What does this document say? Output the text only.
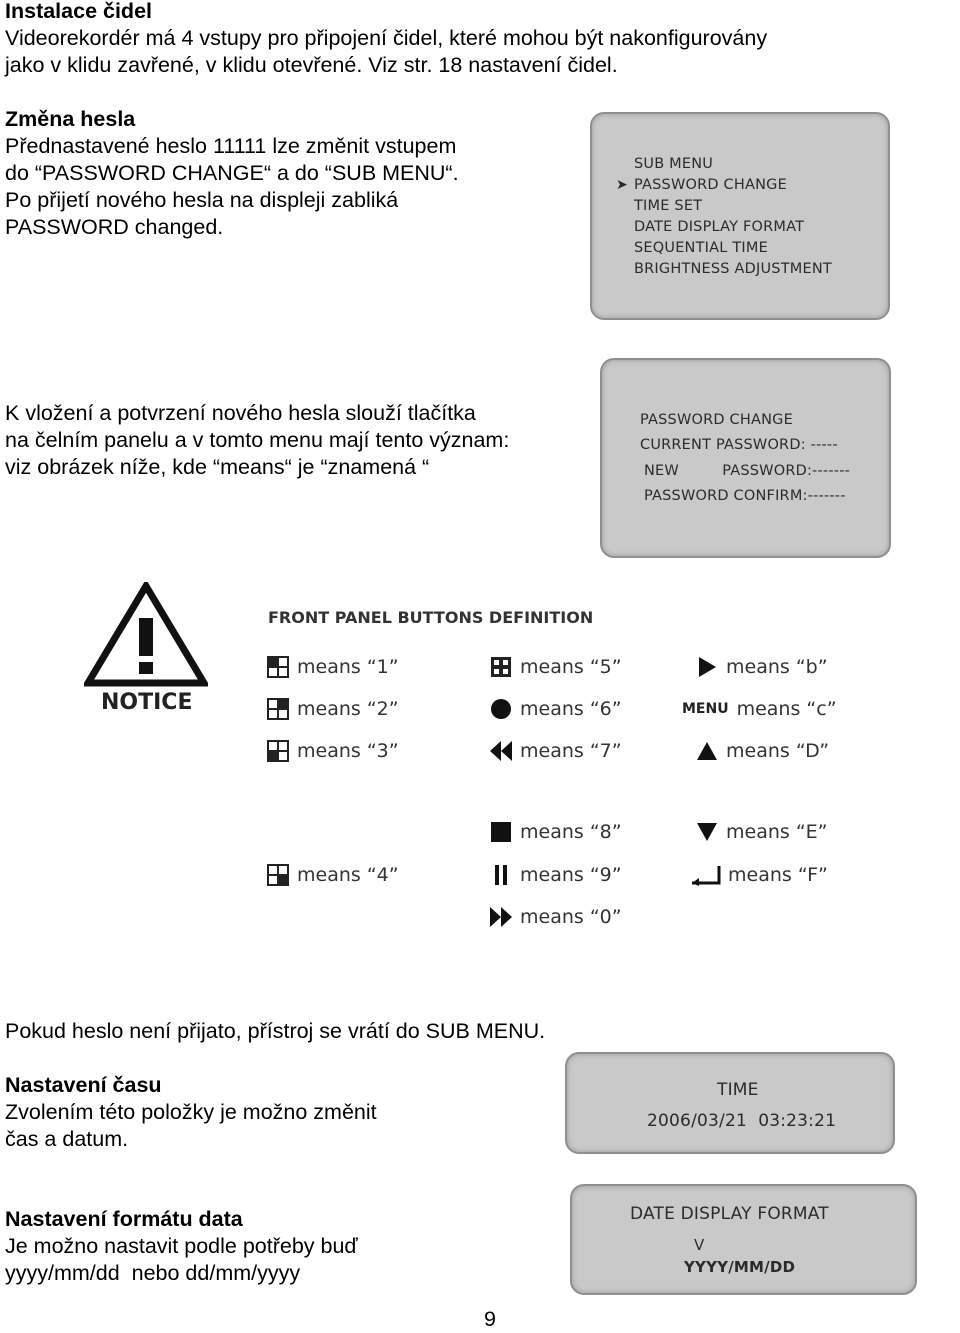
Instalace čidel
Videorekordér má 4 vstupy pro připojení čidel, které mohou být nakonfigurovány
jako v klidu zavřené, v klidu otevřené. Viz str. 18 nastavení čidel.
Změna hesla
Přednastavené heslo 11111 lze změnit vstupem
do “PASSWORD CHANGE“ a do “SUB MENU“.
Po přijetí nového hesla na displeji zabliká
PASSWORD changed.
SUB MENU
➤ PASSWORD CHANGE
TIME SET
DATE DISPLAY FORMAT
SEQUENTIAL TIME
BRIGHTNESS ADJUSTMENT
K vložení a potvrzení nového hesla slouží tlačítka
na čelním panelu a v tomto menu mají tento význam:
viz obrázek níže, kde “means“ je “znamená “
PASSWORD CHANGE
CURRENT PASSWORD: -----
NEW         PASSWORD:-------
PASSWORD CONFIRM:-------
NOTICE
FRONT PANEL BUTTONS DEFINITION
means “1”
means “2”
means “3”
means “4”
means “5”
means “6”
means “7”
means “8”
means “9”
means “0”
means “b”
MENU means “c”
means “D”
means “E”
means “F”
Pokud heslo není přijato, přístroj se vrátí do SUB MENU.
Nastavení času
Zvolením této položky je možno změnit
čas a datum.
TIME
2006/03/21  03:23:21
Nastavení formátu data
Je možno nastavit podle potřeby buď
yyyy/mm/dd  nebo dd/mm/yyyy
DATE DISPLAY FORMAT
V
YYYY/MM/DD
9
